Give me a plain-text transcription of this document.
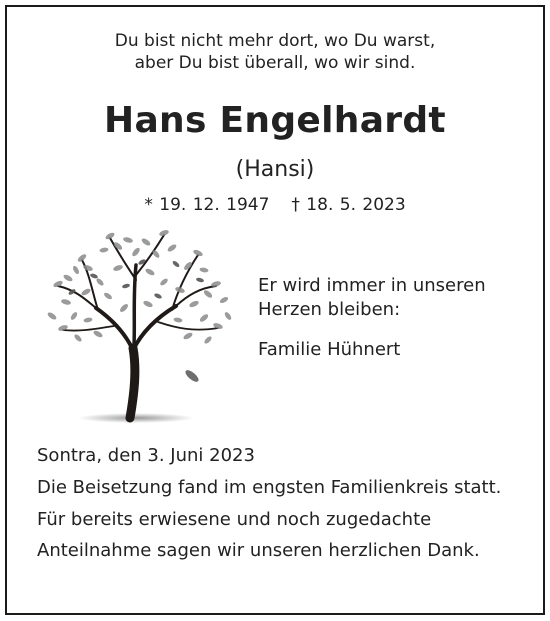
Du bist nicht mehr dort, wo Du warst,
aber Du bist überall, wo wir sind.
Hans Engelhardt
(Hansi)
* 19. 12. 1947 † 18. 5. 2023
Er wird immer in unseren
Herzen bleiben:
Familie Hühnert
Sontra, den 3. Juni 2023
Die Beisetzung fand im engsten Familienkreis statt.
Für bereits erwiesene und noch zugedachte
Anteilnahme sagen wir unseren herzlichen Dank.
